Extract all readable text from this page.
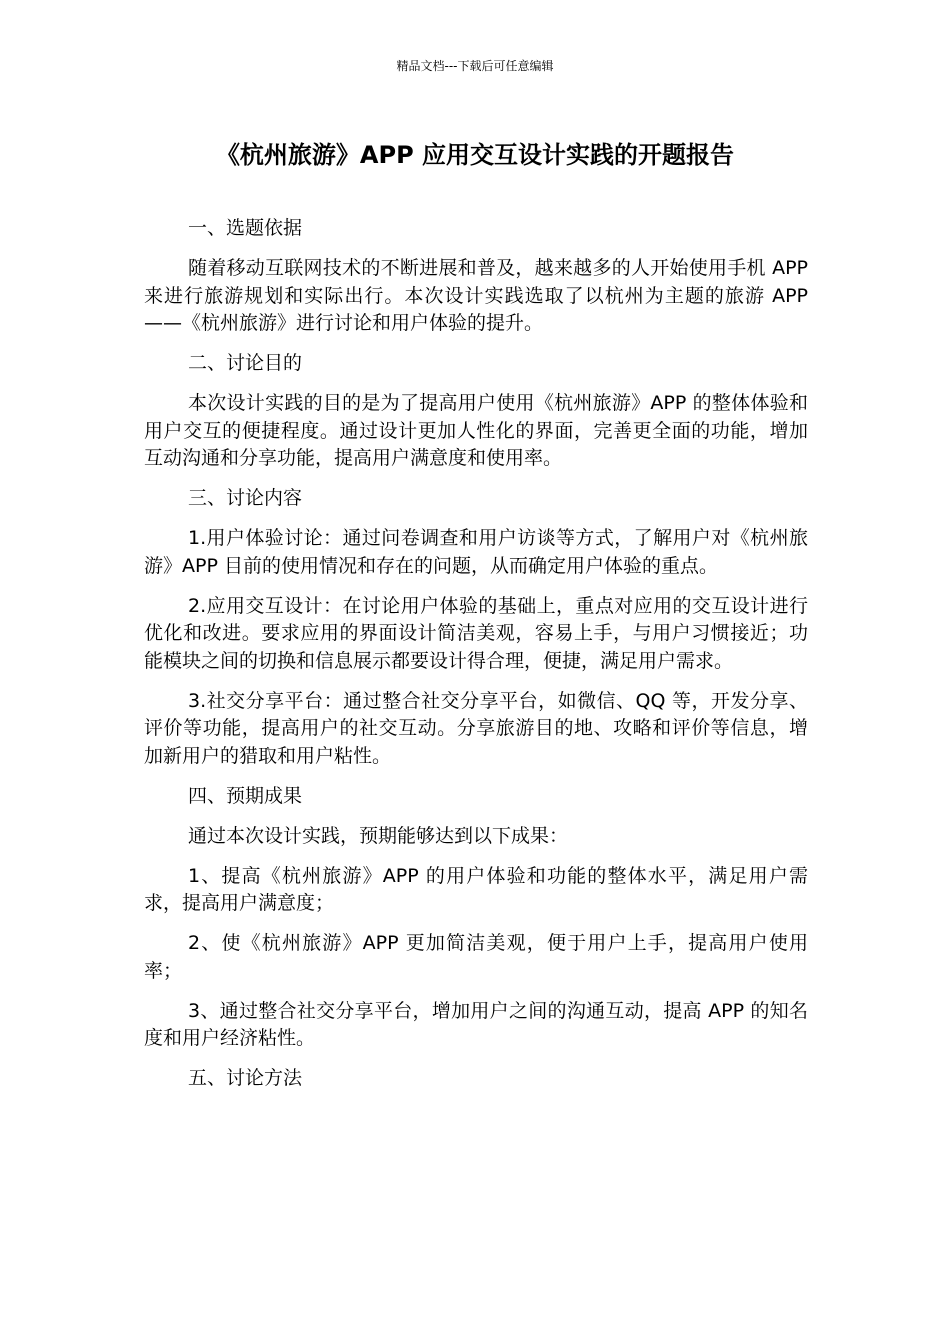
精品文档---下载后可任意编辑
《杭州旅游》APP 应用交互设计实践的开题报告

一、选题依据

随着移动互联网技术的不断进展和普及，越来越多的人开始使用手机 APP 来进行旅游规划和实际出行。本次设计实践选取了以杭州为主题的旅游 APP——《杭州旅游》进行讨论和用户体验的提升。

二、讨论目的

本次设计实践的目的是为了提高用户使用《杭州旅游》APP 的整体体验和用户交互的便捷程度。通过设计更加人性化的界面，完善更全面的功能，增加互动沟通和分享功能，提高用户满意度和使用率。

三、讨论内容

1.用户体验讨论：通过问卷调查和用户访谈等方式，了解用户对《杭州旅游》APP 目前的使用情况和存在的问题，从而确定用户体验的重点。

2.应用交互设计：在讨论用户体验的基础上，重点对应用的交互设计进行优化和改进。要求应用的界面设计简洁美观，容易上手，与用户习惯接近；功能模块之间的切换和信息展示都要设计得合理，便捷，满足用户需求。

3.社交分享平台：通过整合社交分享平台，如微信、QQ 等，开发分享、评价等功能，提高用户的社交互动。分享旅游目的地、攻略和评价等信息，增加新用户的猎取和用户粘性。

四、预期成果

通过本次设计实践，预期能够达到以下成果：

1、提高《杭州旅游》APP 的用户体验和功能的整体水平，满足用户需求，提高用户满意度；

2、使《杭州旅游》APP 更加简洁美观，便于用户上手，提高用户使用率；

3、通过整合社交分享平台，增加用户之间的沟通互动，提高 APP 的知名度和用户经济粘性。

五、讨论方法
